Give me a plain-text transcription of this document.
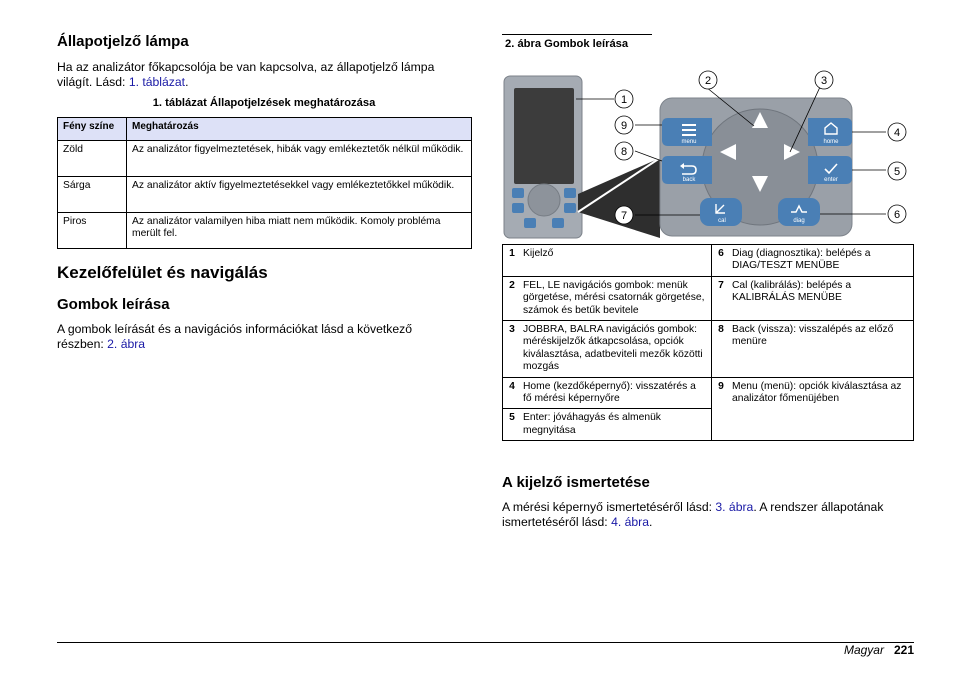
Állapotjelző lámpa
Ha az analizátor főkapcsolója be van kapcsolva, az állapotjelző lámpa
világít. Lásd: 1. táblázat.
1. táblázat Állapotjelzések meghatározása
Fény színe	Meghatározás
Zöld	Az analizátor figyelmeztetések, hibák vagy emlékeztetők nélkül működik.
Sárga	Az analizátor aktív figyelmeztetésekkel vagy emlékeztetőkkel működik.
Piros	Az analizátor valamilyen hiba miatt nem működik. Komoly probléma merült fel.
Kezelőfelület és navigálás
Gombok leírása
A gombok leírását és a navigációs információkat lásd a következő
részben: 2. ábra
2. ábra Gombok leírása
menu
back
home
enter
cal	diag
1
2	3
4
5
6
7
8
9
1	Kijelző	6	Diag (diagnosztika): belépés a DIAG/TESZT MENÜBE
2	FEL, LE navigációs gombok: menük görgetése, mérési csatornák görgetése, számok és betűk bevitele	7	Cal (kalibrálás): belépés a KALIBRÁLÁS MENÜBE
3	JOBBRA, BALRA navigációs gombok: méréskijelzők átkapcsolása, opciók kiválasztása, adatbeviteli mezők közötti mozgás	8	Back (vissza): visszalépés az előző menüre
4	Home (kezdőképernyő): visszatérés a fő mérési képernyőre	9	Menu (menü): opciók kiválasztása az analizátor főmenüjében
5	Enter: jóváhagyás és almenük megnyitása		
A kijelző ismertetése
A mérési képernyő ismertetéséről lásd: 3. ábra. A rendszer állapotának
ismertetéséről lásd: 4. ábra.
Magyar 221
